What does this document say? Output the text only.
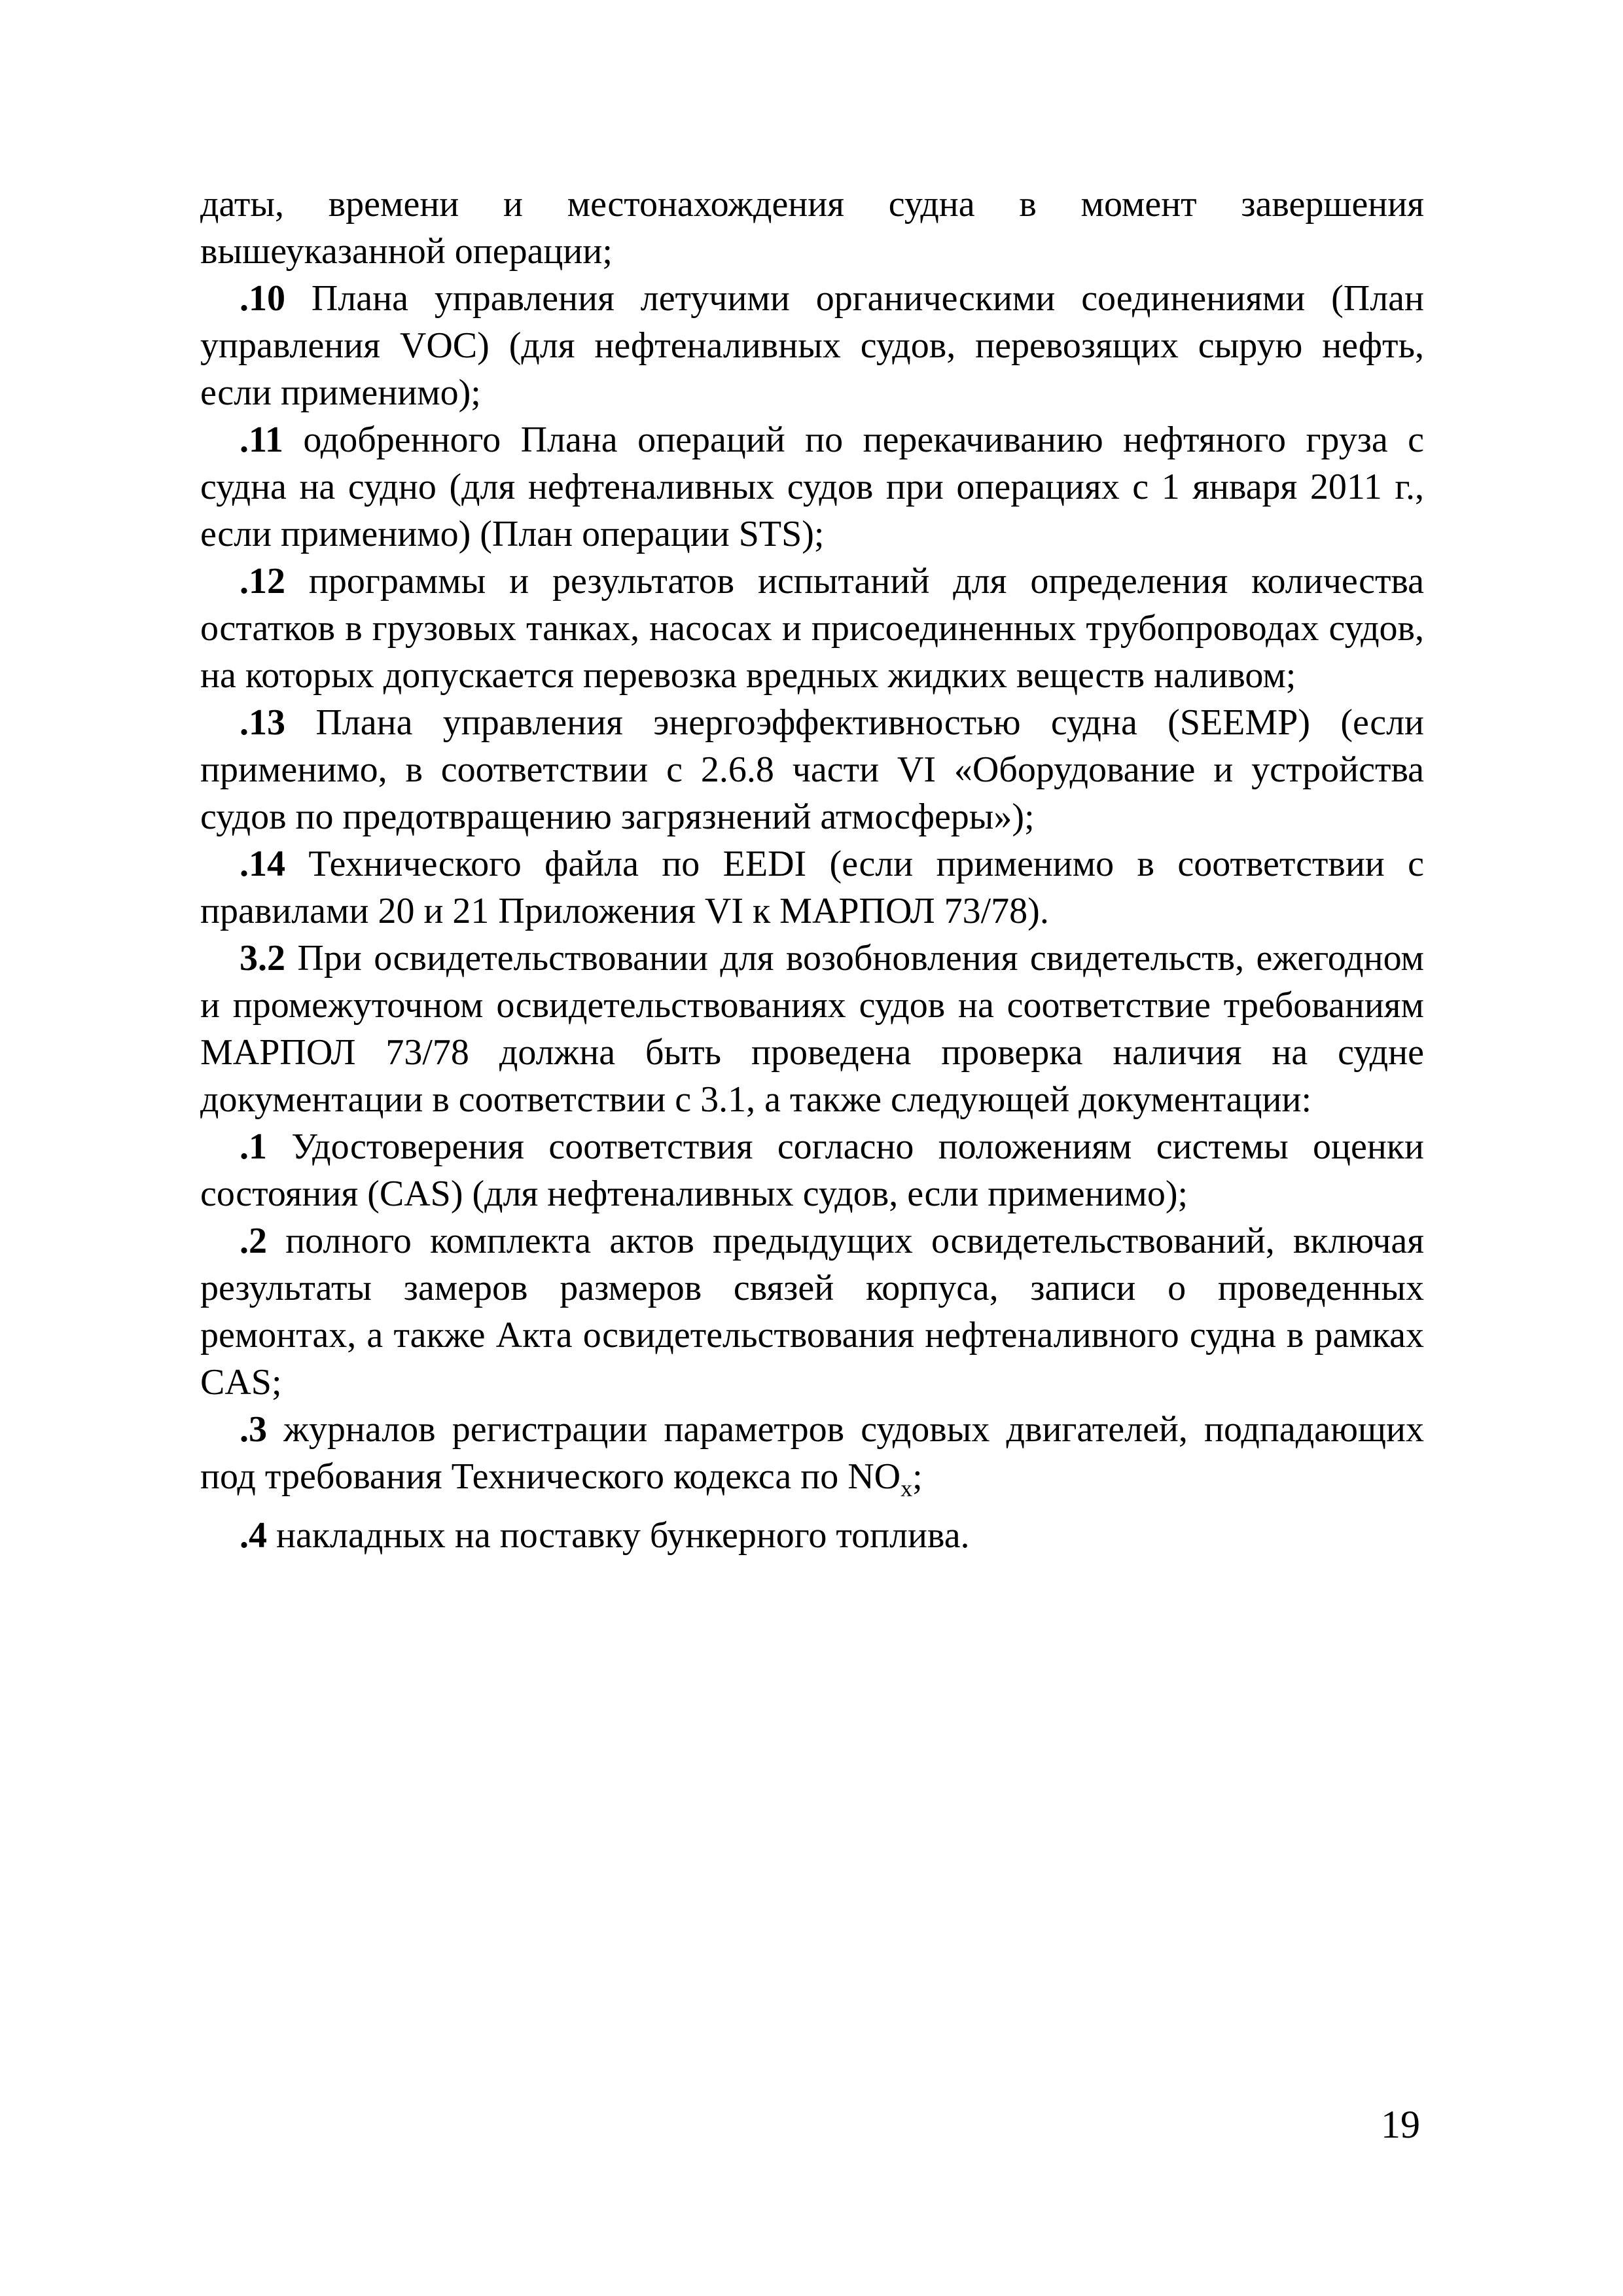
даты, времени и местонахождения судна в момент завершения вышеуказанной операции;

.10 Плана управления летучими органическими соединениями (План управления VOC) (для нефтеналивных судов, перевозящих сырую нефть, если применимо);

.11 одобренного Плана операций по перекачиванию нефтяного груза с судна на судно (для нефтеналивных судов при операциях с 1 января 2011 г., если применимо) (План операции STS);

.12 программы и результатов испытаний для определения количества остатков в грузовых танках, насосах и присоединенных трубопроводах судов, на которых допускается перевозка вредных жидких веществ наливом;

.13 Плана управления энергоэффективностью судна (SEEMP) (если применимо, в соответствии с 2.6.8 части VI «Оборудование и устройства судов по предотвращению загрязнений атмосферы»);

.14 Технического файла по EEDI (если применимо в соответствии с правилами 20 и 21 Приложения VI к МАРПОЛ 73/78).

3.2 При освидетельствовании для возобновления свидетельств, ежегодном и промежуточном освидетельствованиях судов на соответствие требованиям МАРПОЛ 73/78 должна быть проведена проверка наличия на судне документации в соответствии с 3.1, а также следующей документации:

.1 Удостоверения соответствия согласно положениям системы оценки состояния (CAS) (для нефтеналивных судов, если применимо);

.2 полного комплекта актов предыдущих освидетельствований, включая результаты замеров размеров связей корпуса, записи о проведенных ремонтах, а также Акта освидетельствования нефтеналивного судна в рамках CAS;

.3 журналов регистрации параметров судовых двигателей, подпадающих под требования Технического кодекса по $NO_x$;

.4 накладных на поставку бункерного топлива.

19
